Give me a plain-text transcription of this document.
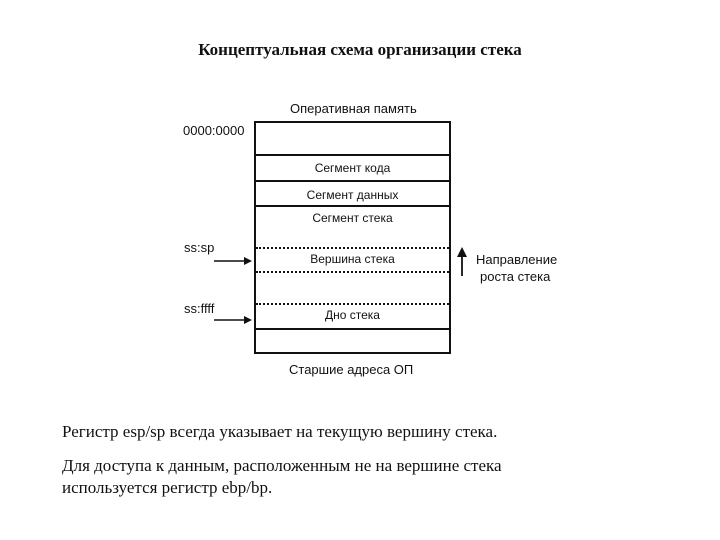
Концептуальная схема организации стека
Оперативная память
0000:0000
ss:sp
ss:ffff
Направление
роста стека
Старшие адреса ОП
Сегмент кода
Сегмент данных
Сегмент стека
Вершина стека
Дно стека
Регистр esp/sp всегда указывает на текущую вершину стека.
Для доступа к данным, расположенным не на вершине стека
используется регистр ebp/bp.
